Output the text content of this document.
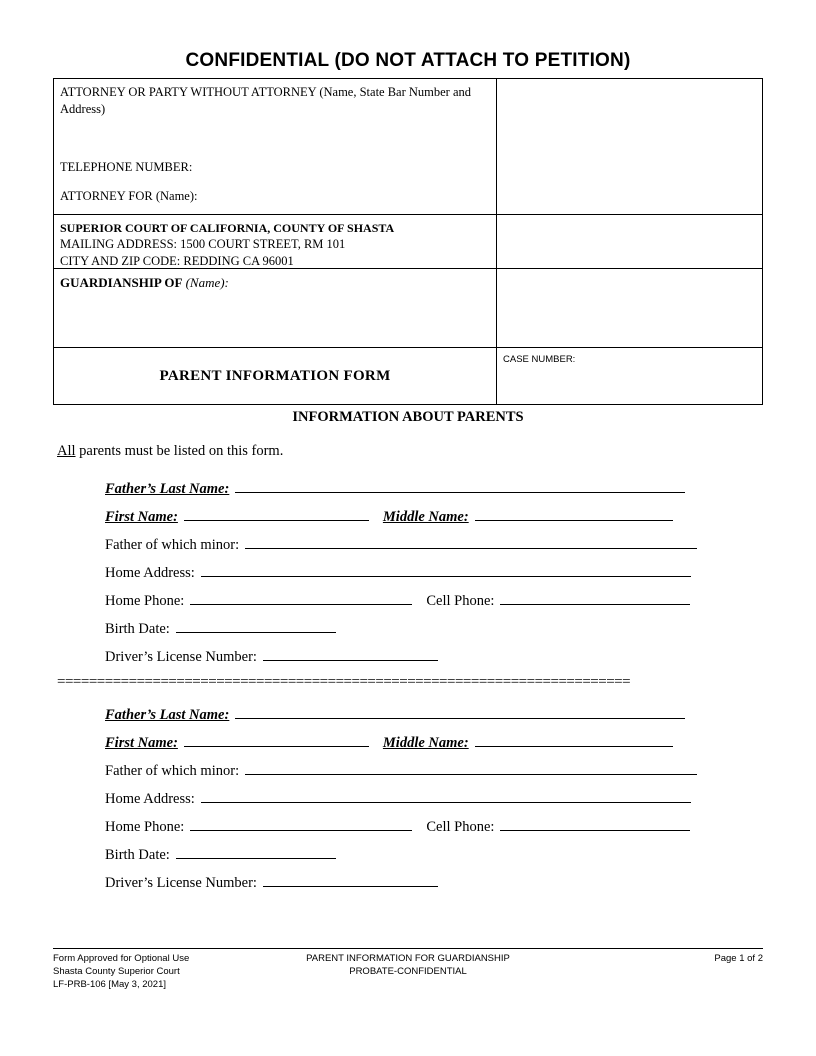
CONFIDENTIAL (DO NOT ATTACH TO PETITION)
ATTORNEY OR PARTY WITHOUT ATTORNEY (Name, State Bar Number and Address)
TELEPHONE NUMBER:
ATTORNEY FOR (Name):
SUPERIOR COURT OF CALIFORNIA, COUNTY OF SHASTA
MAILING ADDRESS: 1500 COURT STREET, RM 101
CITY AND ZIP CODE: REDDING CA 96001
GUARDIANSHIP OF (Name):
PARENT INFORMATION FORM
CASE NUMBER:
INFORMATION ABOUT PARENTS
All parents must be listed on this form.
Father’s Last Name:
First Name:	Middle Name:
Father of which minor:
Home Address:
Home Phone:	Cell Phone:
Birth Date:
Driver’s License Number:
========================================================================
Father’s Last Name:
First Name:	Middle Name:
Father of which minor:
Home Address:
Home Phone:	Cell Phone:
Birth Date:
Driver’s License Number:
Form Approved for Optional Use
Shasta County Superior Court
LF-PRB-106 [May 3, 2021]
PARENT INFORMATION FOR GUARDIANSHIP
PROBATE-CONFIDENTIAL
Page 1 of 2
